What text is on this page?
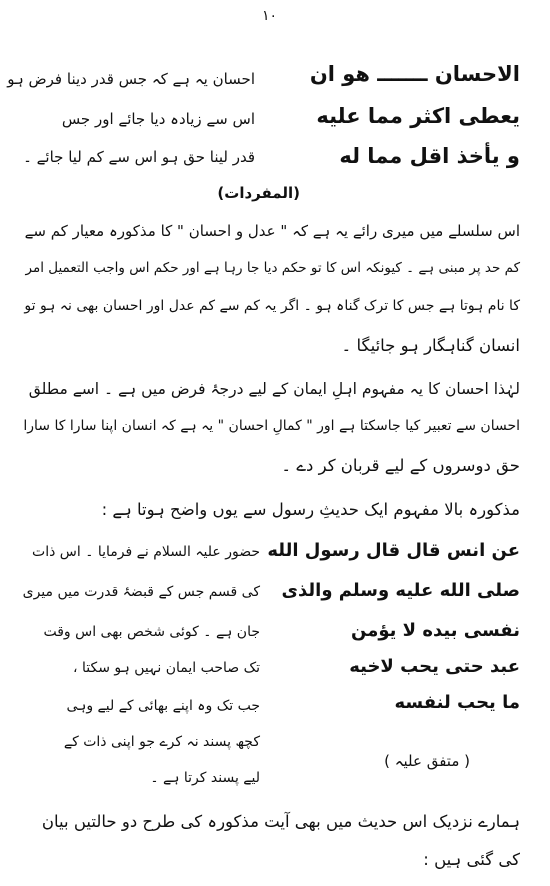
۱۰
الاحسان ـــــــ هو ان
يعطى اكثر مما عليه
و يأخذ اقل مما له
احسان یہ ہے کہ جس قدر دینا فرض ہو
اس سے زیادہ دیا جائے اور جس
قدر لینا حق ہو اس سے کم لیا جائے ۔
(المفردات)
اس سلسلے میں میری رائے یہ ہے کہ " عدل و احسان " کا مذکورہ معیار کم سے
کم حد پر مبنی ہے ۔ کیونکہ اس کا تو حکم دیا جا رہا ہے اور حکم اس واجب التعمیل امر
کا نام ہوتا ہے جس کا ترک گناہ ہو ۔ اگر یہ کم سے کم عدل اور احسان بھی نہ ہو تو
انسان گناہگار ہو جائیگا ۔
لہٰذا احسان کا یہ مفہوم اہلِ ایمان کے لیے درجۂ فرض میں ہے ۔ اسے مطلق
احسان سے تعبیر کیا جاسکتا ہے اور " کمالِ احسان " یہ ہے کہ انسان اپنا سارا کا سارا
حق دوسروں کے لیے قربان کر دے ۔
مذکورہ بالا مفہوم ایک حدیثِ رسول سے یوں واضح ہوتا ہے :
عن انس قال قال رسول الله
صلى الله عليه وسلم والذى
نفسى بيده لا يؤمن
عبد حتى يحب لاخيه
ما يحب لنفسه
حضور علیہ السلام نے فرمایا ۔ اس ذات
کی قسم جس کے قبضۂ قدرت میں میری
جان ہے ۔ کوئی شخص بھی اس وقت
تک صاحب ایمان نہیں ہو سکتا ،
جب تک وہ اپنے بھائی کے لیے وہی
کچھ پسند نہ کرے جو اپنی ذات کے
لیے پسند کرتا ہے ۔
( متفق علیہ )
ہمارے نزدیک اس حدیث میں بھی آیت مذکورہ کی طرح دو حالتیں بیان
کی گئی ہیں :
